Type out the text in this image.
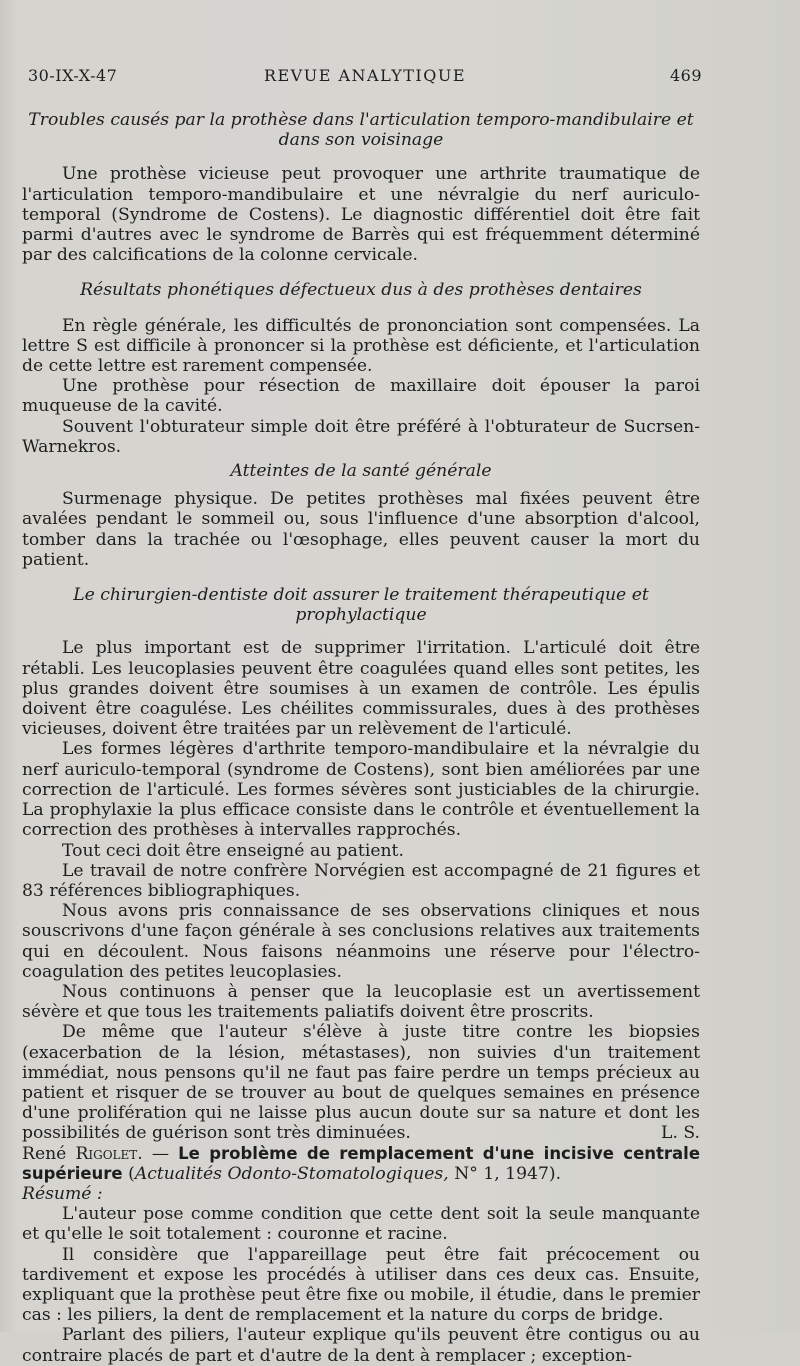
30-IX-X-47	REVUE ANALYTIQUE	469
Troubles causés par la prothèse dans l'articulation temporo-mandibulaire et dans son voisinage

Une prothèse vicieuse peut provoquer une arthrite traumatique de l'articulation temporo-mandibulaire et une névralgie du nerf auriculo-temporal (Syndrome de Costens). Le diagnostic différentiel doit être fait parmi d'autres avec le syndrome de Barrès qui est fréquemment déterminé par des calcifications de la colonne cervicale.

Résultats phonétiques défectueux dus à des prothèses dentaires

En règle générale, les difficultés de prononciation sont compensées. La lettre S est difficile à prononcer si la prothèse est déficiente, et l'articulation de cette lettre est rarement compensée.

Une prothèse pour résection de maxillaire doit épouser la paroi muqueuse de la cavité.

Souvent l'obturateur simple doit être préféré à l'obturateur de Sucrsen-Warnekros.

Atteintes de la santé générale

Surmenage physique. De petites prothèses mal fixées peuvent être avalées pendant le sommeil ou, sous l'influence d'une absorption d'alcool, tomber dans la trachée ou l'œsophage, elles peuvent causer la mort du patient.

Le chirurgien-dentiste doit assurer le traitement thérapeutique et prophylactique

Le plus important est de supprimer l'irritation. L'articulé doit être rétabli. Les leucoplasies peuvent être coagulées quand elles sont petites, les plus grandes doivent être soumises à un examen de contrôle. Les épulis doivent être coagulése. Les chéilites commissurales, dues à des prothèses vicieuses, doivent être traitées par un relèvement de l'articulé.

Les formes légères d'arthrite temporo-mandibulaire et la névralgie du nerf auriculo-temporal (syndrome de Costens), sont bien améliorées par une correction de l'articulé. Les formes sévères sont justiciables de la chirurgie. La prophylaxie la plus efficace consiste dans le contrôle et éventuellement la correction des prothèses à intervalles rapprochés.

Tout ceci doit être enseigné au patient.

Le travail de notre confrère Norvégien est accompagné de 21 figures et 83 références bibliographiques.

Nous avons pris connaissance de ses observations cliniques et nous souscrivons d'une façon générale à ses conclusions relatives aux traitements qui en découlent. Nous faisons néanmoins une réserve pour l'électro-coagulation des petites leucoplasies.

Nous continuons à penser que la leucoplasie est un avertissement sévère et que tous les traitements paliatifs doivent être proscrits.

De même que l'auteur s'élève à juste titre contre les biopsies (exacerbation de la lésion, métastases), non suivies d'un traitement immédiat, nous pensons qu'il ne faut pas faire perdre un temps précieux au patient et risquer de se trouver au bout de quelques semaines en présence d'une prolifération qui ne laisse plus aucun doute sur sa nature et dont les possibilités de guérison sont très diminuées.	L. S.

René Rigolet. — Le problème de remplacement d'une incisive centrale supérieure (Actualités Odonto-Stomatologiques, N° 1, 1947).

Résumé :

L'auteur pose comme condition que cette dent soit la seule manquante et qu'elle le soit totalement : couronne et racine.

Il considère que l'appareillage peut être fait précocement ou tardivement et expose les procédés à utiliser dans ces deux cas. Ensuite, expliquant que la prothèse peut être fixe ou mobile, il étudie, dans le premier cas : les piliers, la dent de remplacement et la nature du corps de bridge.

Parlant des piliers, l'auteur explique qu'ils peuvent être contigus ou au contraire placés de part et d'autre de la dent à remplacer ; exception-
